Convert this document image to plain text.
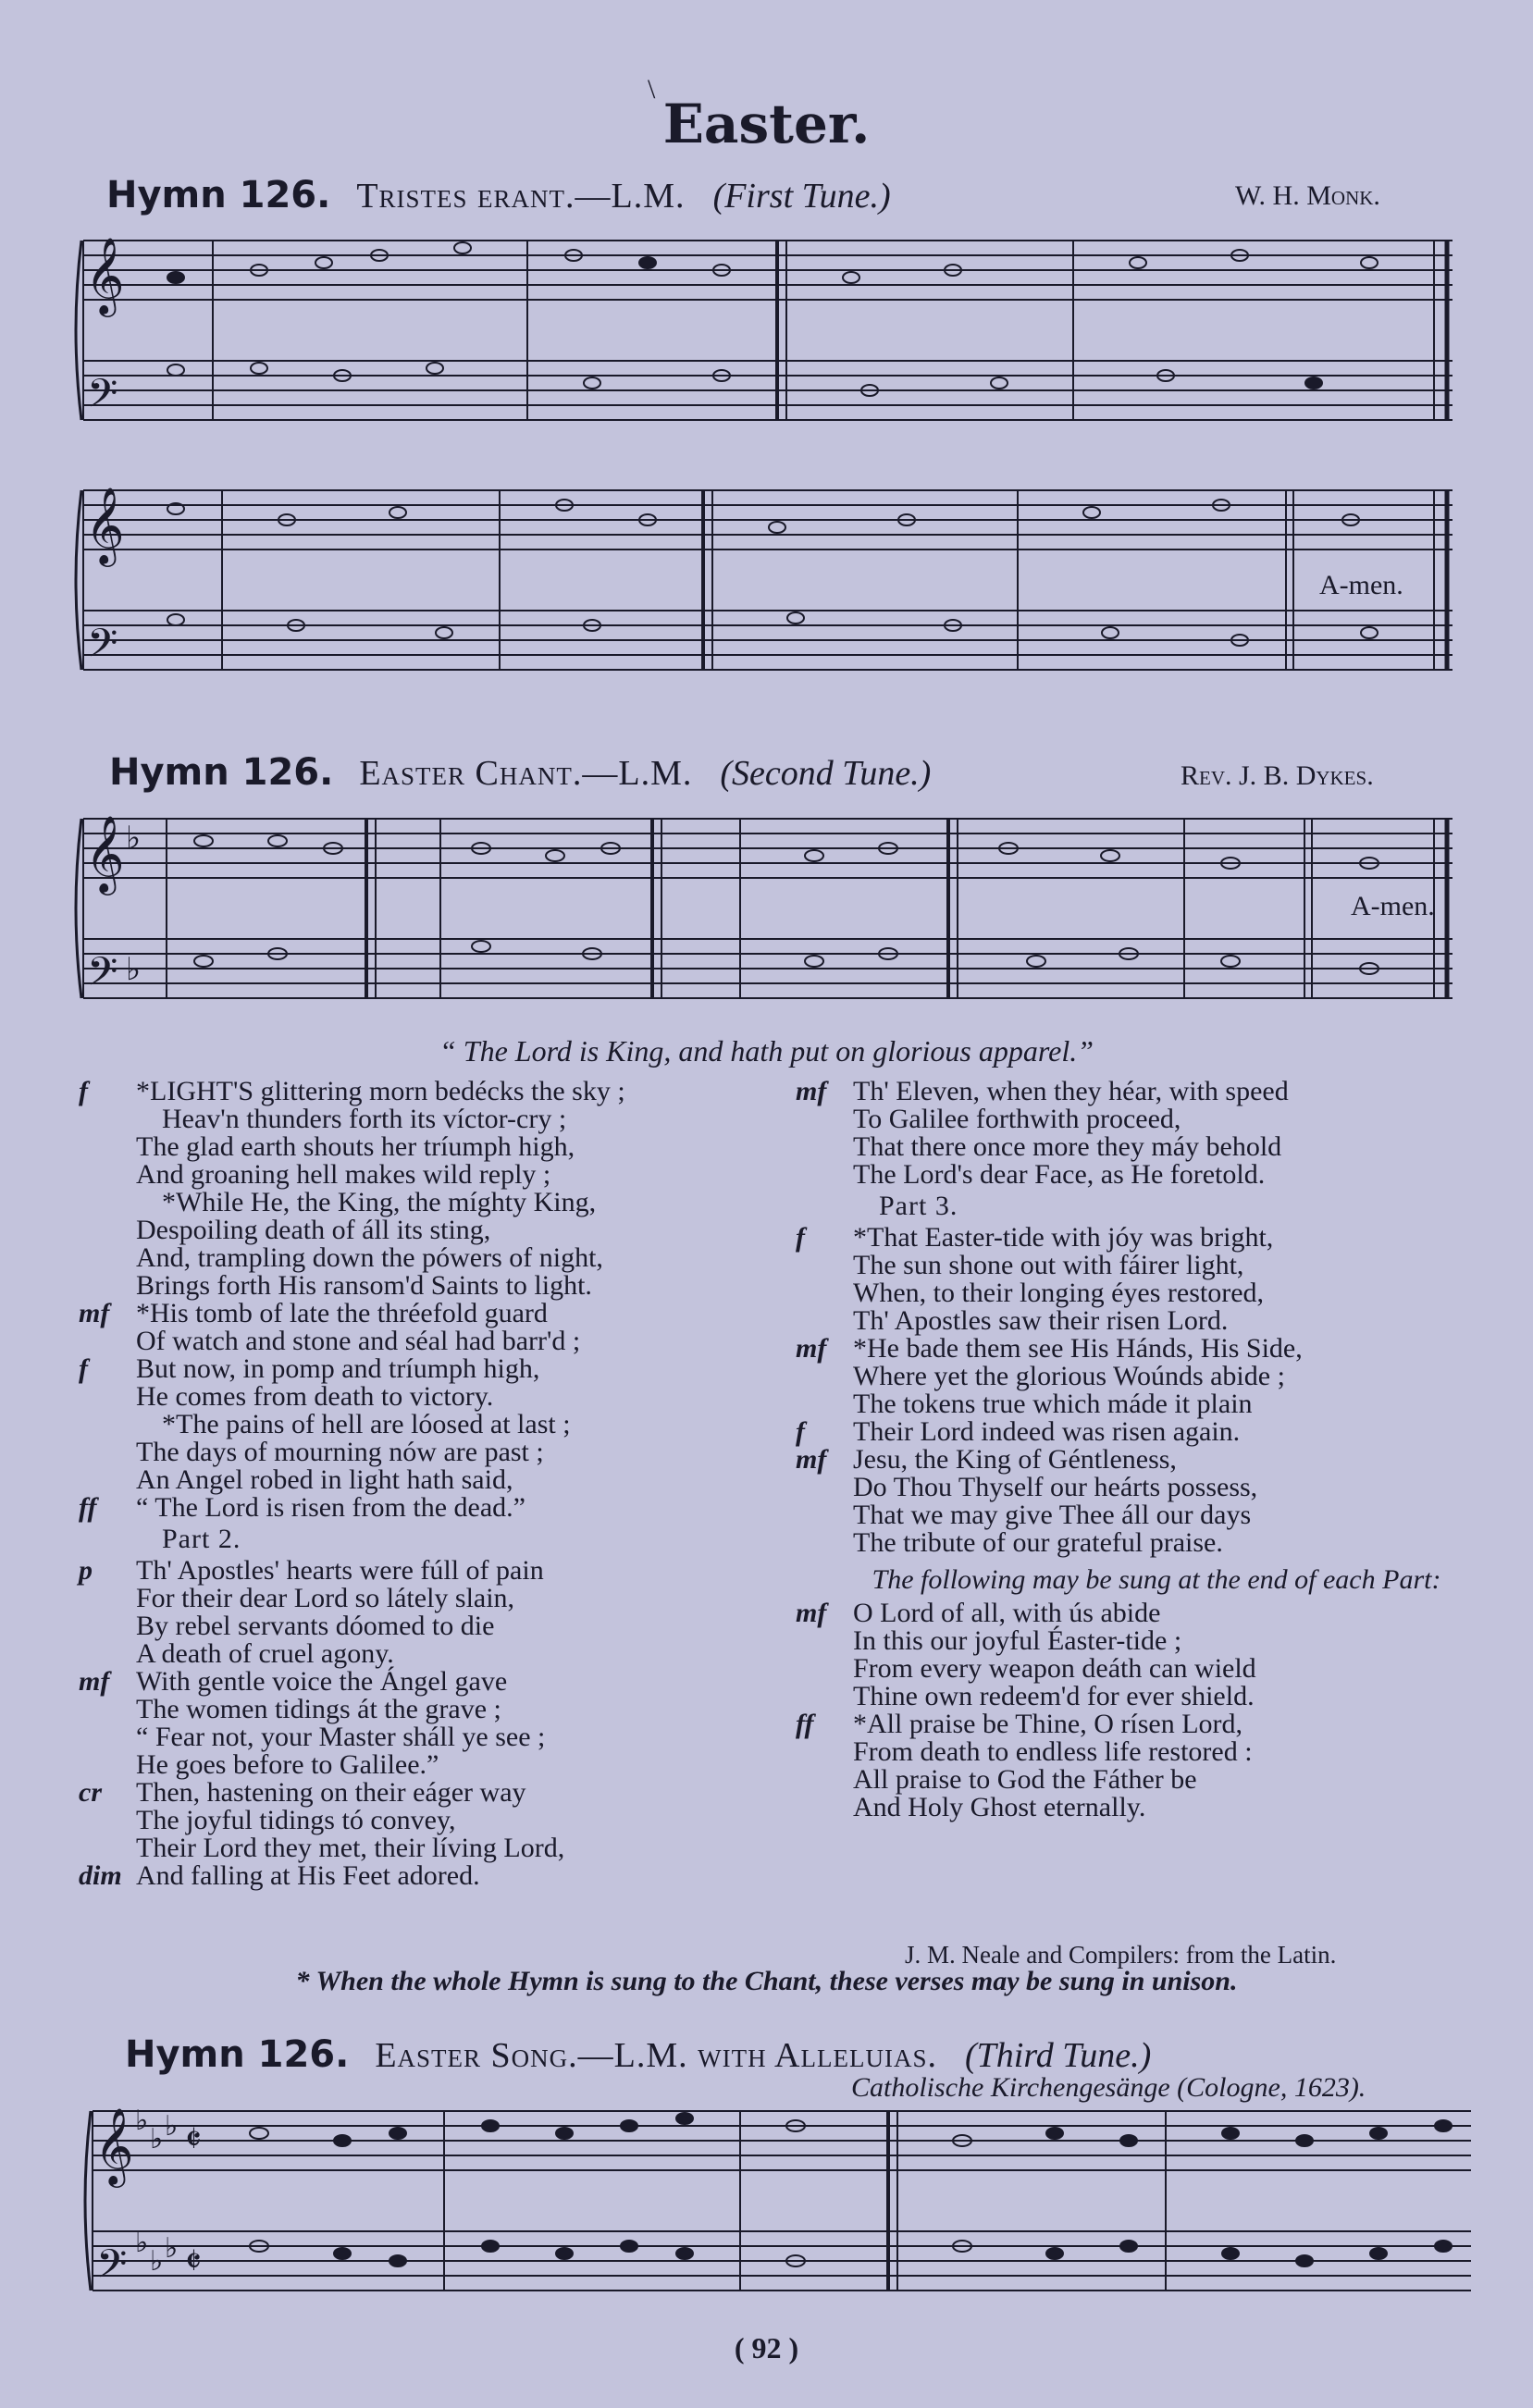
\
Easter.
Hymn 126. Tristes erant.—L.M. (First Tune.)	W. H. Monk.
𝄞
𝄞
𝄢
𝄢
A-men.
Hymn 126. Easter Chant.—L.M. (Second Tune.)	Rev. J. B. Dykes.
𝄞
𝄢
♭
♭
A-men.
“ The Lord is King, and hath put on glorious apparel.”
f *LIGHT'S glittering morn bedécks the sky ;
Heav'n thunders forth its víctor-cry ;
The glad earth shouts her tríumph high,
And groaning hell makes wild reply ;
*While He, the King, the míghty King,
Despoiling death of áll its sting,
And, trampling down the pówers of night,
Brings forth His ransom'd Saints to light.
mf *His tomb of late the thréefold guard
Of watch and stone and séal had barr'd ;
f But now, in pomp and tríumph high,
He comes from death to victory.
*The pains of hell are lóosed at last ;
The days of mourning nów are past ;
An Angel robed in light hath said,
ff “ The Lord is risen from the dead.”
Part 2.
p Th' Apostles' hearts were fúll of pain
For their dear Lord so látely slain,
By rebel servants dóomed to die
A death of cruel agony.
mf With gentle voice the Ángel gave
The women tidings át the grave ;
“ Fear not, your Master sháll ye see ;
He goes before to Galilee.”
cr Then, hastening on their eáger way
The joyful tidings tó convey,
Their Lord they met, their líving Lord,
dim And falling at His Feet adored.
mf Th' Eleven, when they héar, with speed
To Galilee forthwith proceed,
That there once more they máy behold
The Lord's dear Face, as He foretold.
Part 3.
f *That Easter-tide with jóy was bright,
The sun shone out with fáirer light,
When, to their longing éyes restored,
Th' Apostles saw their risen Lord.
mf *He bade them see His Hánds, His Side,
Where yet the glorious Woúnds abide ;
The tokens true which máde it plain
f Their Lord indeed was risen again.
mf Jesu, the King of Géntleness,
Do Thou Thyself our heárts possess,
That we may give Thee áll our days
The tribute of our grateful praise.
The following may be sung at the end of each Part:
mf O Lord of all, with ús abide
In this our joyful Éaster-tide ;
From every weapon deáth can wield
Thine own redeem'd for ever shield.
ff *All praise be Thine, O rísen Lord,
From death to endless life restored :
All praise to God the Fáther be
And Holy Ghost eternally.
J. M. Neale and Compilers: from the Latin.
* When the whole Hymn is sung to the Chant, these verses may be sung in unison.
Hymn 126. Easter Song.—L.M. with Alleluias. (Third Tune.)
Catholische Kirchengesänge (Cologne, 1623).
𝄞
𝄢
♭
♭ ♭
♭
♭ ♭
𝄵
𝄵
( 92 )
